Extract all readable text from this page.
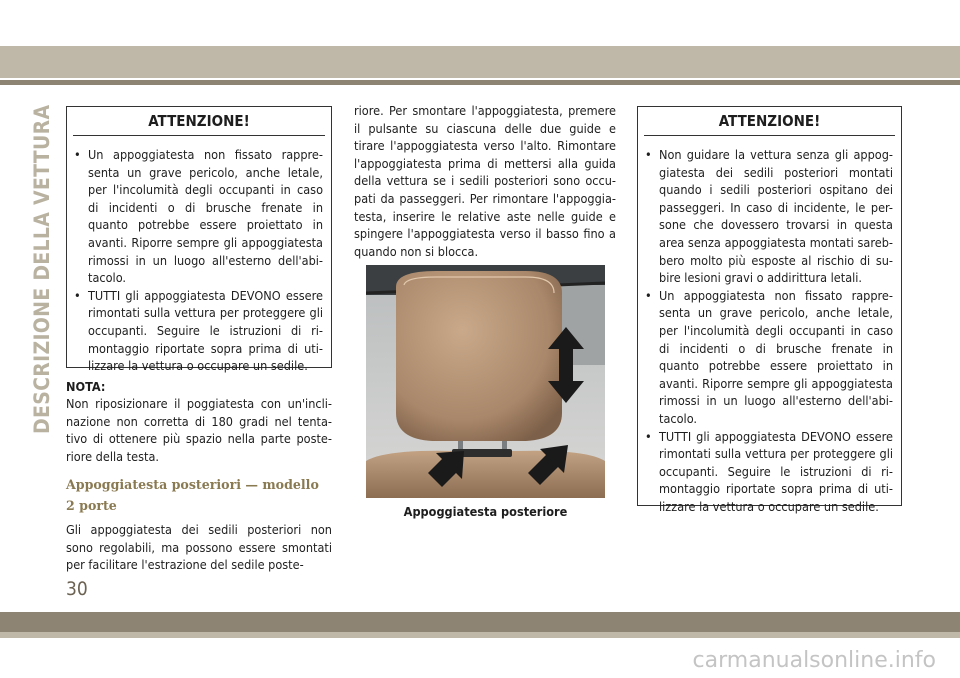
DESCRIZIONE DELLA VETTURA	ATTENZIONE!
• Un appoggiatesta non fissato rappre-senta un grave pericolo, anche letale, per l'incolumità degli occupanti in caso di incidenti o di brusche frenate in quanto potrebbe essere proiettato in avanti. Riporre sempre gli appoggiatesta rimossi in un luogo all'esterno dell'abi-tacolo.
• TUTTI gli appoggiatesta DEVONO essere rimontati sulla vettura per proteggere gli occupanti. Seguire le istruzioni di ri-montaggio riportate sopra prima di uti-lizzare la vettura o occupare un sedile.
NOTA:
Non riposizionare il poggiatesta con un'incli-nazione non corretta di 180 gradi nel tenta-tivo di ottenere più spazio nella parte poste-riore della testa.
Appoggiatesta posteriori — modello
2 porte
Gli appoggiatesta dei sedili posteriori non sono regolabili, ma possono essere smontati per facilitare l'estrazione del sedile poste-
riore. Per smontare l'appoggiatesta, premere il pulsante su ciascuna delle due guide e tirare l'appoggiatesta verso l'alto. Rimontare l'appoggiatesta prima di mettersi alla guida della vettura se i sedili posteriori sono occu-pati da passeggeri. Per rimontare l'appoggia-testa, inserire le relative aste nelle guide e spingere l'appoggiatesta verso il basso fino a quando non si blocca.
Appoggiatesta posteriore
ATTENZIONE!
• Non guidare la vettura senza gli appog-giatesta dei sedili posteriori montati quando i sedili posteriori ospitano dei passeggeri. In caso di incidente, le per-sone che dovessero trovarsi in questa area senza appoggiatesta montati sareb-bero molto più esposte al rischio di su-bire lesioni gravi o addirittura letali.
• Un appoggiatesta non fissato rappre-senta un grave pericolo, anche letale, per l'incolumità degli occupanti in caso di incidenti o di brusche frenate in quanto potrebbe essere proiettato in avanti. Riporre sempre gli appoggiatesta rimossi in un luogo all'esterno dell'abi-tacolo.
• TUTTI gli appoggiatesta DEVONO essere rimontati sulla vettura per proteggere gli occupanti. Seguire le istruzioni di ri-montaggio riportate sopra prima di uti-lizzare la vettura o occupare un sedile.
30
carmanualsonline.info
